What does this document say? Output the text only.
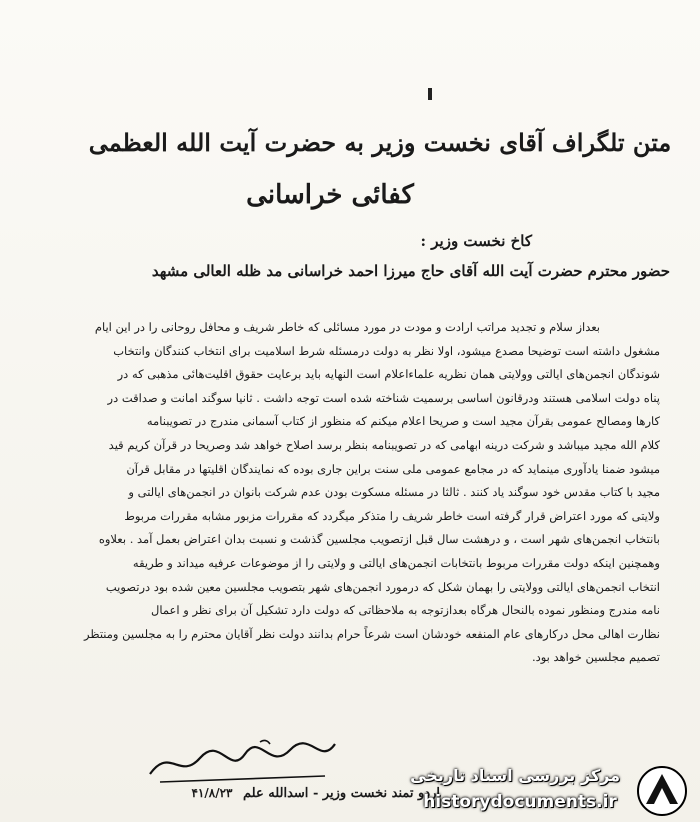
متن تلگراف آقای نخست وزیر به حضرت آیت الله العظمی
کفائی خراسانی
کاخ نخست وزیر :
حضور محترم حضرت آیت الله آقای حاج میرزا احمد خراسانی مد ظله العالی مشهد
بعداز سلام و تجدید مراتب ارادت و مودت در مورد مسائلی که خاطر شریف و محافل روحانی را در این ایام
مشغول داشته است توضیحا مصدع میشود، اولا نظر به دولت درمسئله شرط اسلامیت برای انتخاب کنندگان وانتخاب
شوندگان انجمن‌های ایالتی وولایتی همان نظریه علماءاعلام است النهایه باید برعایت حقوق اقلیت‌هائی مذهبی که در
پناه دولت اسلامی هستند ودرقانون اساسی برسمیت شناخته شده است توجه داشت . ثانیا سوگند امانت و صداقت در
کارها ومصالح عمومی بقرآن مجید است و صریحا اعلام میکنم که منظور از کتاب آسمانی مندرج در تصویبنامه
کلام الله مجید میباشد و شرکت درینه ابهامی که در تصویبنامه بنظر برسد اصلاح خواهد شد وصریحا در قرآن کریم قید
میشود ضمنا یادآوری مینماید که در مجامع عمومی ملی سنت براین جاری بوده که نمایندگان اقلیتها در مقابل قرآن
مجید با کتاب مقدس خود سوگند یاد کنند . ثالثا در مسئله مسکوت بودن عدم شرکت بانوان در انجمن‌های ایالتی و
ولایتی که مورد اعتراض قرار گرفته است خاطر شریف را متذکر میگردد که مقررات مزبور مشابه مقررات مربوط
بانتخاب انجمن‌های شهر است ، و درهشت سال قبل ازتصویب مجلسین گذشت و نسبت بدان اعتراض بعمل آمد . بعلاوه
وهمچنین اینکه دولت مقررات مربوط بانتخابات انجمن‌های ایالتی و ولایتی را از موضوعات عرفیه میداند و طریقه
انتخاب انجمن‌های ایالتی وولایتی را بهمان شکل که درمورد انجمن‌های شهر بتصویب مجلسین معین شده بود درتصویب
نامه مندرج ومنظور نموده بالنحال هرگاه بعدازتوجه به ملاحظاتی که دولت دارد تشکیل آن برای نظر و اعمال
نظارت اهالی محل درکارهای عام المنفعه خودشان است شرعاً حرام بدانند دولت نظر آقایان محترم را به مجلسین ومنتظر
تصمیم مجلسین خواهد بود.
اردو تمند نخست وزیر - اسدالله علم ۴۱/۸/۲۳
مرکز بررسی اسناد تاریخی
historydocuments.ir
